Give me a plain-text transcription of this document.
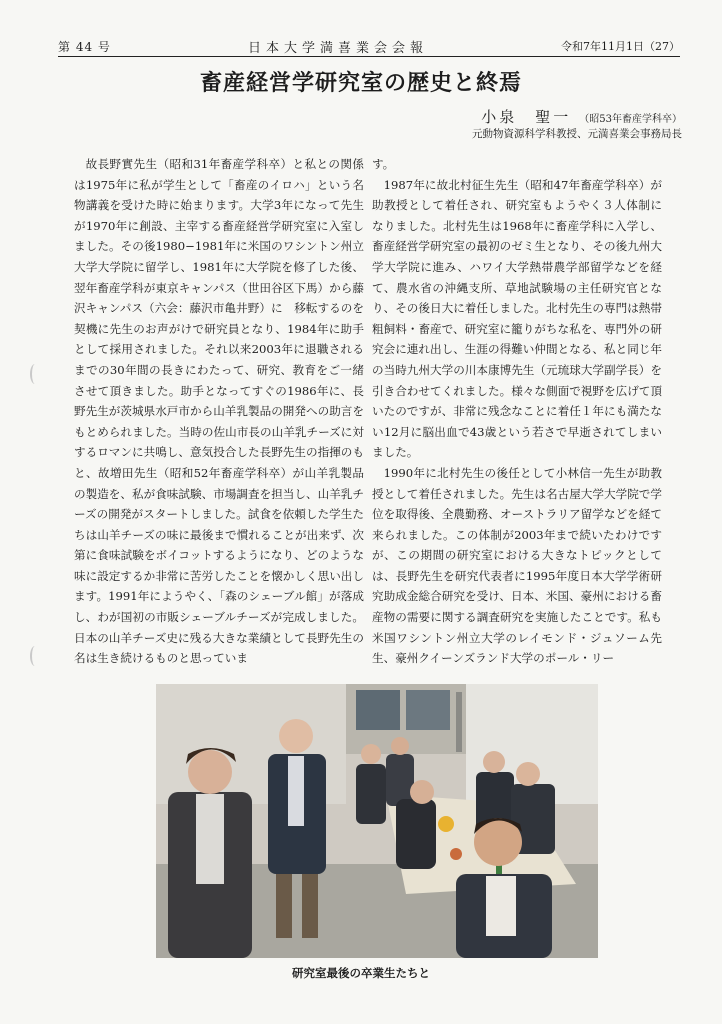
第 44 号	日本大学満喜業会会報	令和7年11月1日（27）
畜産経営学研究室の歴史と終焉
小泉　聖一 （昭53年畜産学科卒）
元動物資源科学科教授、元満喜業会事務局長

故長野實先生（昭和31年畜産学科卒）と私との関係は1975年に私が学生として「畜産のイロハ」という名物講義を受けた時に始まります。大学3年になって先生が1970年に創設、主宰する畜産経営学研究室に入室しました。その後1980−1981年に米国のワシントン州立大学大学院に留学し、1981年に大学院を修了した後、翌年畜産学科が東京キャンパス（世田谷区下馬）から藤沢キャンパス（六会：藤沢市亀井野）に　移転するのを契機に先生のお声がけで研究員となり、1984年に助手として採用されました。それ以来2003年に退職されるまでの30年間の長きにわたって、研究、教育をご一緒させて頂きました。助手となってすぐの1986年に、長野先生が茨城県水戸市から山羊乳製品の開発への助言をもとめられました。当時の佐山市長の山羊乳チーズに対するロマンに共鳴し、意気投合した長野先生の指揮のもと、故増田先生（昭和52年畜産学科卒）が山羊乳製品の製造を、私が食味試験、市場調査を担当し、山羊乳チーズの開発がスタートしました。試食を依頼した学生たちは山羊チーズの味に最後まで慣れることが出来ず、次第に食味試験をボイコットするようになり、どのような味に設定するか非常に苦労したことを懐かしく思い出します。1991年にようやく、「森のシェーブル館」が落成し、わが国初の市販シェーブルチーズが完成しました。日本の山羊チーズ史に残る大きな業績として長野先生の名は生き続けるものと思っていま

す。

1987年に故北村征生先生（昭和47年畜産学科卒）が助教授として着任され、研究室もようやく３人体制になりました。北村先生は1968年に畜産学科に入学し、畜産経営学研究室の最初のゼミ生となり、その後九州大学大学院に進み、ハワイ大学熱帯農学部留学などを経て、農水省の沖縄支所、草地試験場の主任研究官となり、その後日大に着任しました。北村先生の専門は熱帯粗飼料・畜産で、研究室に籠りがちな私を、専門外の研究会に連れ出し、生涯の得難い仲間となる、私と同じ年の当時九州大学の川本康博先生（元琉球大学副学長）を引き合わせてくれました。様々な側面で視野を広げて頂いたのですが、非常に残念なことに着任１年にも満たない12月に脳出血で43歳という若さで早逝されてしまいました。

1990年に北村先生の後任として小林信一先生が助教授として着任されました。先生は名古屋大学大学院で学位を取得後、全農勤務、オーストラリア留学などを経て来られました。この体制が2003年まで続いたわけですが、この期間の研究室における大きなトピックとしては、長野先生を研究代表者に1995年度日本大学学術研究助成金総合研究を受け、日本、米国、豪州における畜産物の需要に関する調査研究を実施したことです。私も米国ワシントン州立大学のレイモンド・ジュソーム先生、豪州クイーンズランド大学のポール・リー

研究室最後の卒業生たちと
